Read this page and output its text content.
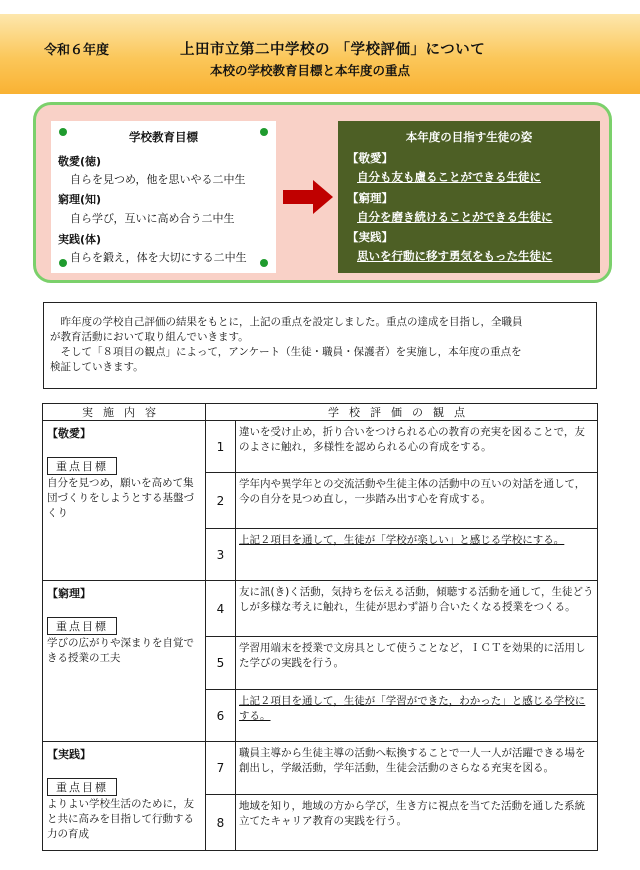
令和６年度	上田市立第二中学校の 「学校評価」について
本校の学校教育目標と本年度の重点
学校教育目標
敬愛(徳)
自らを見つめ，他を思いやる二中生
窮理(知)
自ら学び，互いに高め合う二中生
実践(体)
自らを鍛え，体を大切にする二中生
本年度の目指す生徒の姿
【敬愛】
自分も友も慮ることができる生徒に
【窮理】
自分を磨き続けることができる生徒に
【実践】
思いを行動に移す勇気をもった生徒に

昨年度の学校自己評価の結果をもとに，上記の重点を設定しました。重点の達成を目指し，全職員

が教育活動において取り組んでいきます。

そして「８項目の観点」によって，アンケート（生徒・職員・保護者）を実施し，本年度の重点を

検証していきます。

実施内容	学校評価の観点	

【敬愛】
重点目標
自分を見つめ，願いを高めて集団づくりをしようとする基盤づくり	1	違いを受け止め，折り合いをつけられる心の教育の充実を図ることで，友のよさに触れ，多様性を認められる心の育成をする。
	2	学年内や異学年との交流活動や生徒主体の活動中の互いの対話を通して，今の自分を見つめ直し，一歩踏み出す心を育成する。
	3	上記２項目を通して，生徒が「学校が楽しい」と感じる学校にする。

【窮理】
重点目標
学びの広がりや深まりを自覚できる授業の工夫	4	友に訊(き)く活動，気持ちを伝える活動，傾聴する活動を通して，生徒どうしが多様な考えに触れ，生徒が思わず語り合いたくなる授業をつくる。
	5	学習用端末を授業で文房具として使うことなど，ＩＣＴを効果的に活用した学びの実践を行う。
	6	上記２項目を通して，生徒が「学習ができた，わかった」と感じる学校にする。

【実践】
重点目標
よりよい学校生活のために，友と共に高みを目指して行動する力の育成	7	職員主導から生徒主導の活動へ転換することで一人一人が活躍できる場を創出し，学級活動，学年活動，生徒会活動のさらなる充実を図る。
	8	地域を知り，地域の方から学び，生き方に視点を当てた活動を通した系統立てたキャリア教育の実践を行う。
